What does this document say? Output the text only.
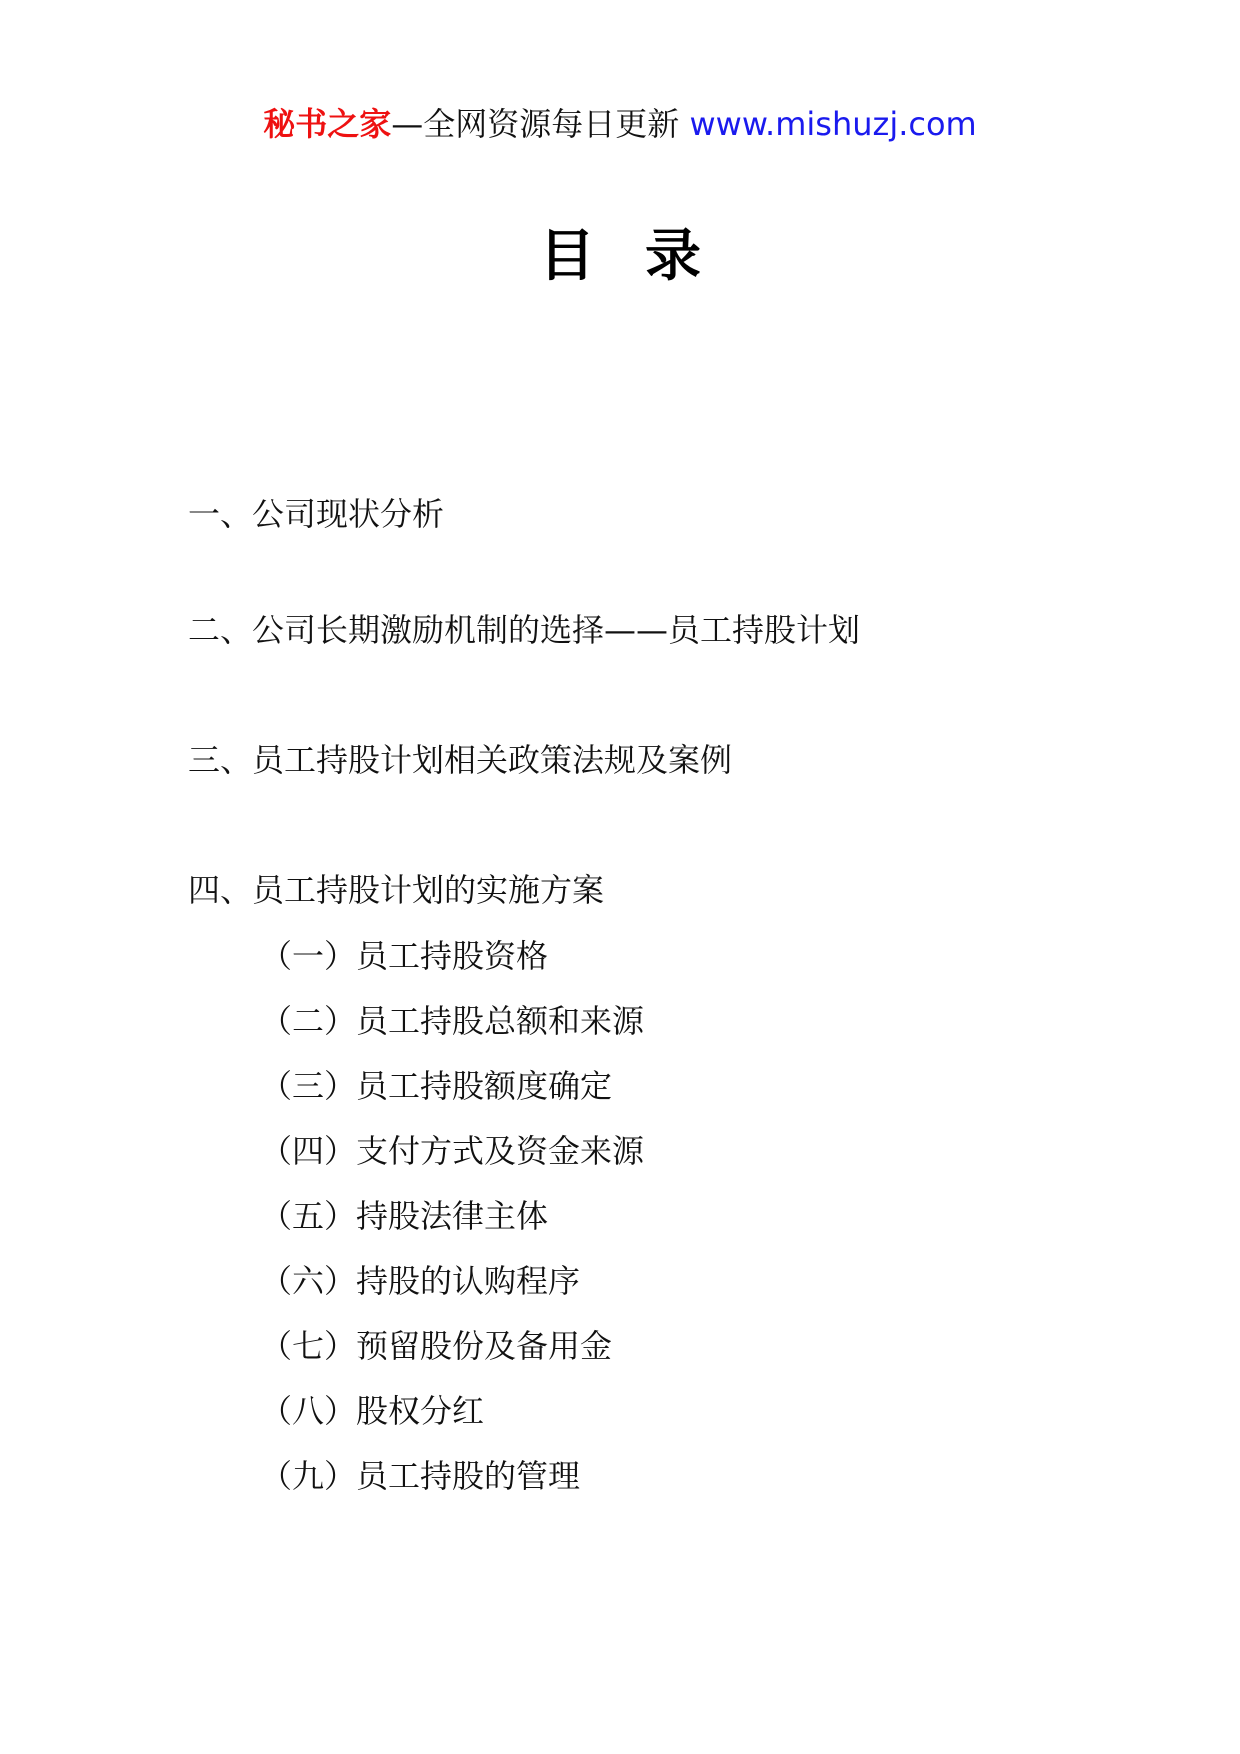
秘书之家—全网资源每日更新 www.mishuzj.com
目录
一、公司现状分析
二、公司长期激励机制的选择——员工持股计划
三、员工持股计划相关政策法规及案例
四、员工持股计划的实施方案
（一）员工持股资格
（二）员工持股总额和来源
（三）员工持股额度确定
（四）支付方式及资金来源
（五）持股法律主体
（六）持股的认购程序
（七）预留股份及备用金
（八）股权分红
（九）员工持股的管理
